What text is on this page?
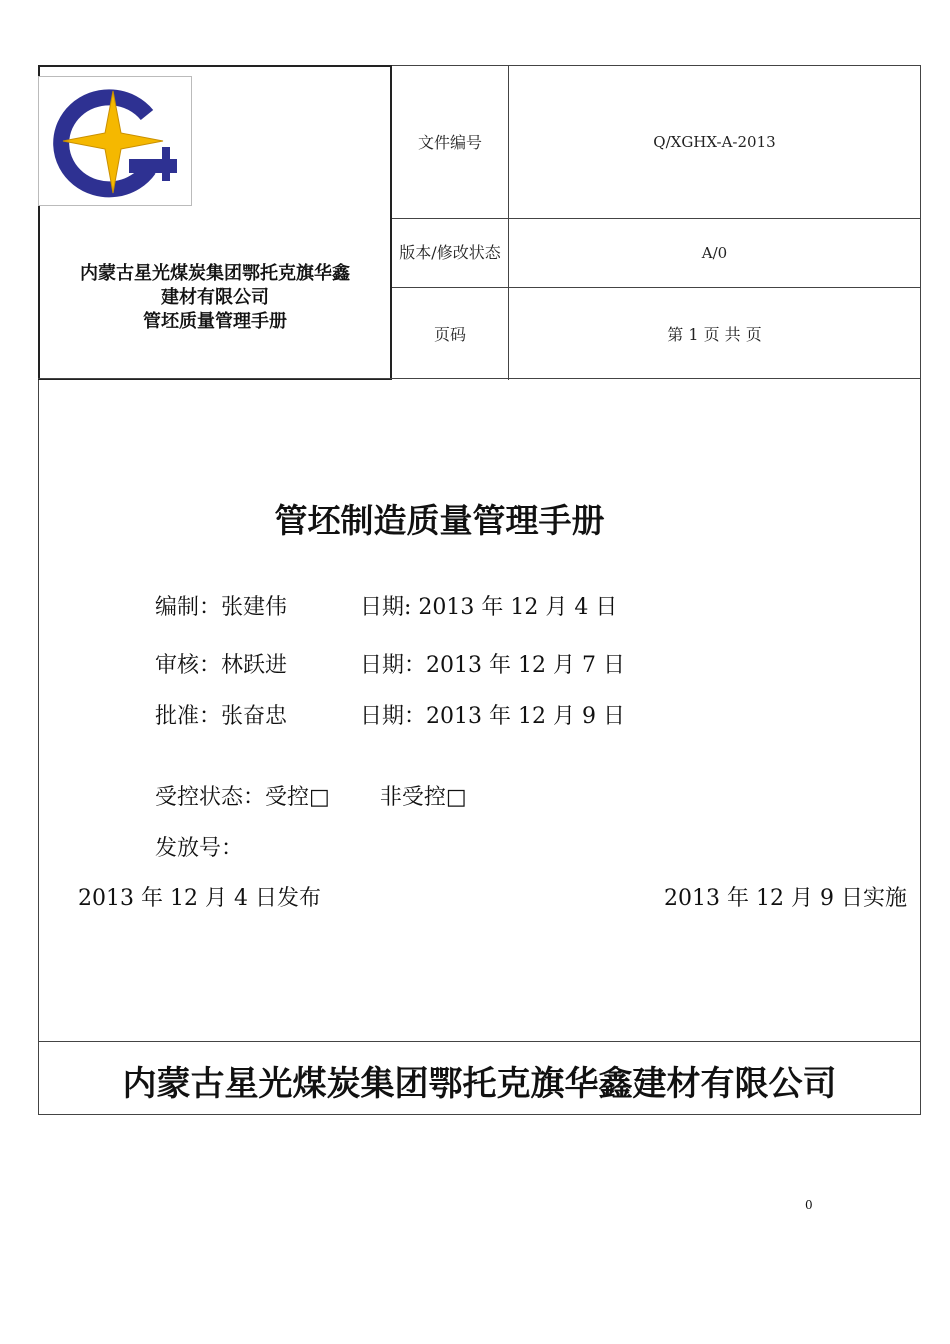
内蒙古星光煤炭集团鄂托克旗华鑫
建材有限公司
管坯质量管理手册
文件编号	Q/XGHX-A-2013
版本/修改状态	A/0
页码	第 1 页 共 页
管坯制造质量管理手册
编制：张建伟	日期: 2013 年 12 月 4 日
审核：林跃进	日期：2013 年 12 月 7 日
批准：张奋忠	日期：2013 年 12 月 9 日
受控状态：受控□ 非受控□
发放号：
2013 年 12 月 4 日发布	2013 年 12 月 9 日实施
内蒙古星光煤炭集团鄂托克旗华鑫建材有限公司
0
